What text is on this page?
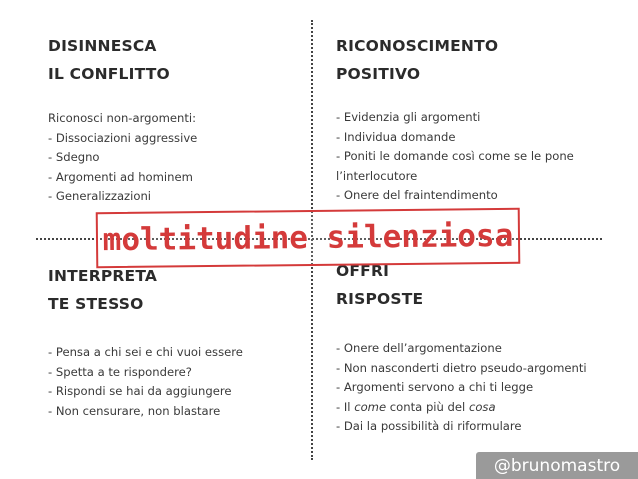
DISINNESCA

IL CONFLITTO

Riconosci non-argomenti:
- Dissociazioni aggressive
- Sdegno
- Argomenti ad hominem
- Generalizzazioni

RICONOSCIMENTO

POSITIVO

- Evidenzia gli argomenti
- Individua domande
- Poniti le domande così come se le pone l’interlocutore
- Onere del fraintendimento

INTERPRETA

TE STESSO

- Pensa a chi sei e chi vuoi essere
- Spetta a te rispondere?
- Rispondi se hai da aggiungere
- Non censurare, non blastare

OFFRI

RISPOSTE

- Onere dell’argomentazione
- Non nasconderti dietro pseudo-argomenti
- Argomenti servono a chi ti legge
- Il come conta più del cosa
- Dai la possibilità di riformulare
moltitudine silenziosa
@brunomastro
